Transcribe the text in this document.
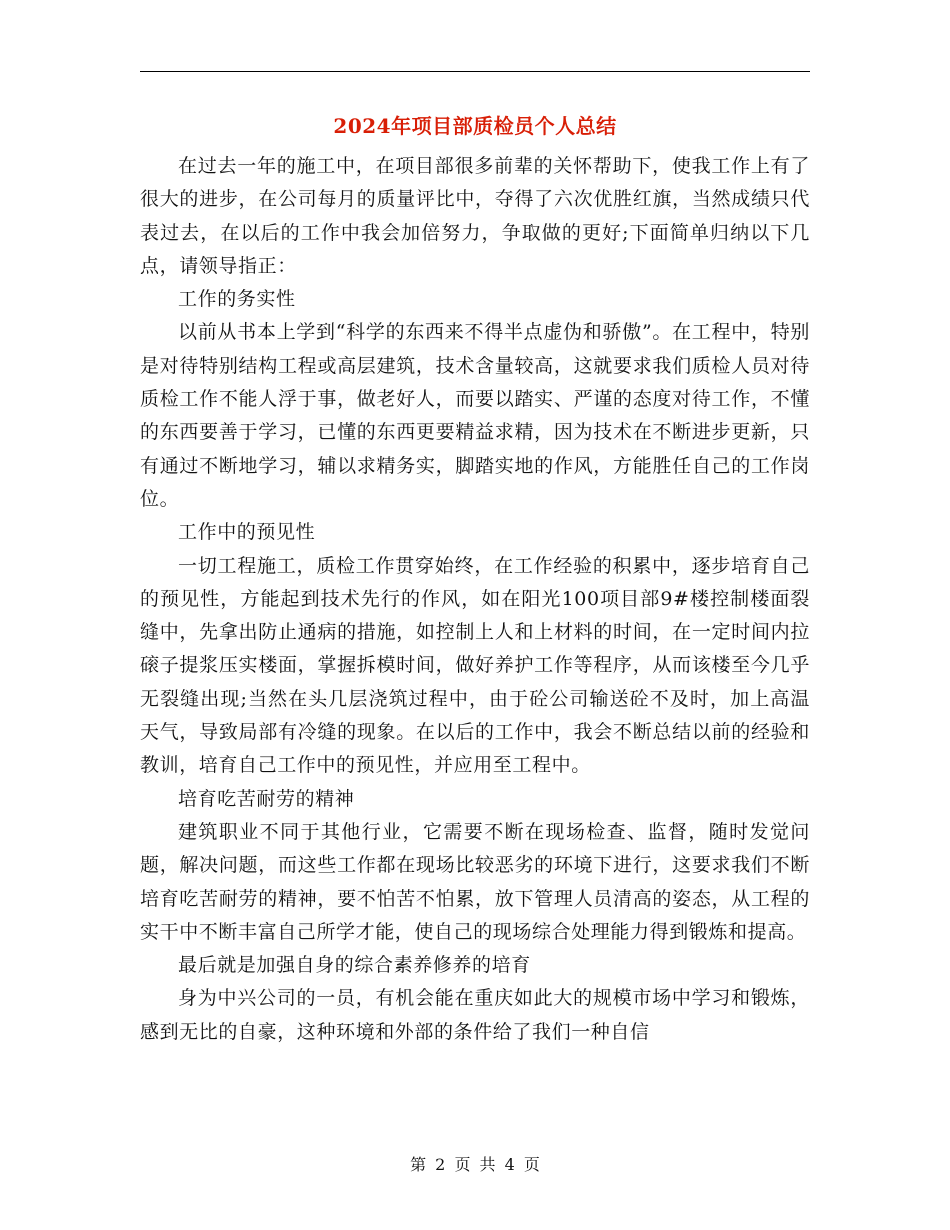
2024年项目部质检员个人总结

在过去一年的施工中，在项目部很多前辈的关怀帮助下，使我工作上有了很大的进步，在公司每月的质量评比中，夺得了六次优胜红旗，当然成绩只代表过去，在以后的工作中我会加倍努力，争取做的更好;下面简单归纳以下几点，请领导指正：

工作的务实性

以前从书本上学到“科学的东西来不得半点虚伪和骄傲”。在工程中，特别是对待特别结构工程或高层建筑，技术含量较高，这就要求我们质检人员对待质检工作不能人浮于事，做老好人，而要以踏实、严谨的态度对待工作，不懂的东西要善于学习，已懂的东西更要精益求精，因为技术在不断进步更新，只有通过不断地学习，辅以求精务实，脚踏实地的作风，方能胜任自己的工作岗位。

工作中的预见性

一切工程施工，质检工作贯穿始终，在工作经验的积累中，逐步培育自己的预见性，方能起到技术先行的作风，如在阳光100项目部9#楼控制楼面裂缝中，先拿出防止通病的措施，如控制上人和上材料的时间，在一定时间内拉磙子提浆压实楼面，掌握拆模时间，做好养护工作等程序，从而该楼至今几乎无裂缝出现;当然在头几层浇筑过程中，由于砼公司输送砼不及时，加上高温天气，导致局部有冷缝的现象。在以后的工作中，我会不断总结以前的经验和教训，培育自己工作中的预见性，并应用至工程中。

培育吃苦耐劳的精神

建筑职业不同于其他行业，它需要不断在现场检查、监督，随时发觉问题，解决问题，而这些工作都在现场比较恶劣的环境下进行，这要求我们不断培育吃苦耐劳的精神，要不怕苦不怕累，放下管理人员清高的姿态，从工程的实干中不断丰富自己所学才能，使自己的现场综合处理能力得到锻炼和提高。

最后就是加强自身的综合素养修养的培育

身为中兴公司的一员，有机会能在重庆如此大的规模市场中学习和锻炼，感到无比的自豪，这种环境和外部的条件给了我们一种自信

第 2 页 共 4 页
